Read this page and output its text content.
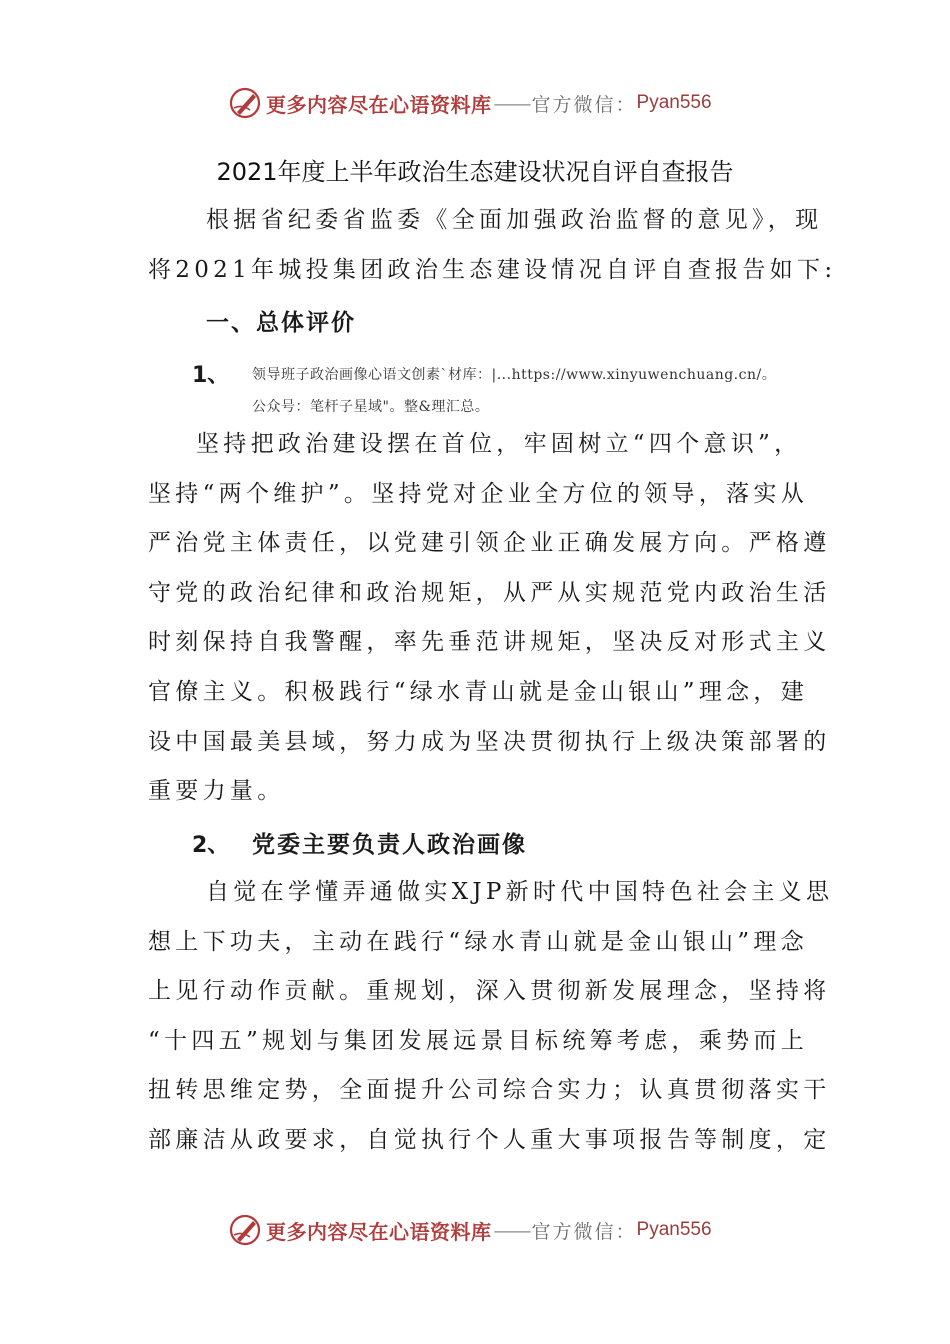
更多内容尽在心语资料库 —— 官方微信： Pyan556
2021年度上半年政治生态建设状况自评自查报告
根据省纪委省监委《全面加强政治监督的意见》，现
将2021年城投集团政治生态建设情况自评自查报告如下:
一、总体评价
1、 领导班子政治画像心语文创素`材库：|...https://www.xinyuwenchuang.cn/。
公众号：笔杆子星域"。整&理汇总。
坚持把政治建设摆在首位，牢固树立“四个意识”，
坚持“两个维护”。坚持党对企业全方位的领导，落实从
严治党主体责任，以党建引领企业正确发展方向。严格遵
守党的政治纪律和政治规矩，从严从实规范党内政治生活
时刻保持自我警醒，率先垂范讲规矩，坚决反对形式主义
官僚主义。积极践行“绿水青山就是金山银山”理念，建
设中国最美县域，努力成为坚决贯彻执行上级决策部署的
重要力量。
2、 党委主要负责人政治画像
自觉在学懂弄通做实XJP新时代中国特色社会主义思
想上下功夫，主动在践行“绿水青山就是金山银山”理念
上见行动作贡献。重规划，深入贯彻新发展理念，坚持将
“十四五”规划与集团发展远景目标统筹考虑，乘势而上
扭转思维定势，全面提升公司综合实力；认真贯彻落实干
部廉洁从政要求，自觉执行个人重大事项报告等制度，定
更多内容尽在心语资料库 —— 官方微信： Pyan556
